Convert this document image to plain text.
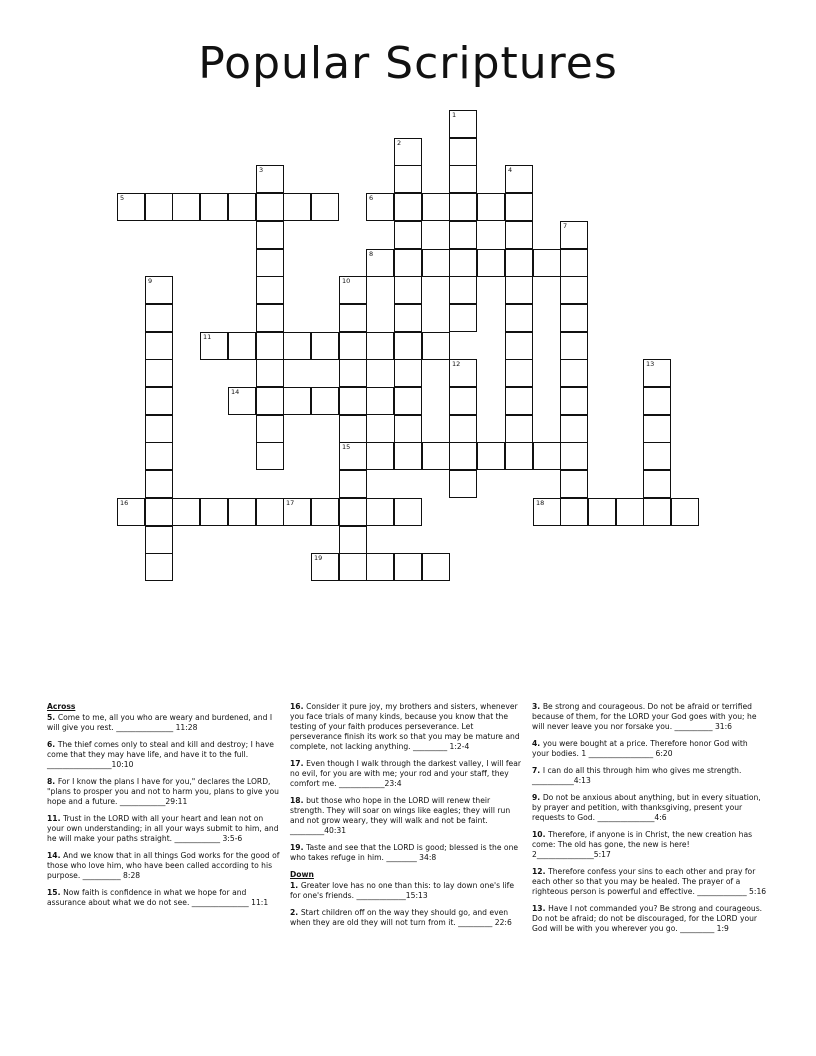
Popular Scriptures
5	6
8
11
14
15
16	17	18
19
1
2
3	4
7
9	10
12	13
Across
5. Come to me, all you who are weary and burdened, and I will give you rest. _______________ 11:28
6. The thief comes only to steal and kill and destroy; I have come that they may have life, and have it to the full. _________________10:10
8. For I know the plans I have for you," declares the LORD, "plans to prosper you and not to harm you, plans to give you hope and a future. ____________29:11
11. Trust in the LORD with all your heart and lean not on your own understanding; in all your ways submit to him, and he will make your paths straight. ____________ 3:5-6
14. And we know that in all things God works for the good of those who love him, who have been called according to his purpose. __________ 8:28
15. Now faith is confidence in what we hope for and assurance about what we do not see. _______________ 11:1
16. Consider it pure joy, my brothers and sisters, whenever you face trials of many kinds, because you know that the testing of your faith produces perseverance. Let perseverance finish its work so that you may be mature and complete, not lacking anything. _________ 1:2-4
17. Even though I walk through the darkest valley, I will fear no evil, for you are with me; your rod and your staff, they comfort me. ____________23:4
18. but those who hope in the LORD will renew their strength. They will soar on wings like eagles; they will run and not grow weary, they will walk and not be faint. _________40:31
19. Taste and see that the LORD is good; blessed is the one who takes refuge in him. ________ 34:8
Down
1. Greater love has no one than this: to lay down one's life for one's friends. _____________15:13
2. Start children off on the way they should go, and even when they are old they will not turn from it. _________ 22:6
3. Be strong and courageous. Do not be afraid or terrified because of them, for the LORD your God goes with you; he will never leave you nor forsake you. __________ 31:6
4. you were bought at a price. Therefore honor God with your bodies. 1 _________________ 6:20
7. I can do all this through him who gives me strength. ___________4:13
9. Do not be anxious about anything, but in every situation, by prayer and petition, with thanksgiving, present your requests to God. _______________4:6
10. Therefore, if anyone is in Christ, the new creation has come: The old has gone, the new is here! 2_______________5:17
12. Therefore confess your sins to each other and pray for each other so that you may be healed. The prayer of a righteous person is powerful and effective. _____________ 5:16
13. Have I not commanded you? Be strong and courageous. Do not be afraid; do not be discouraged, for the LORD your God will be with you wherever you go. _________ 1:9
